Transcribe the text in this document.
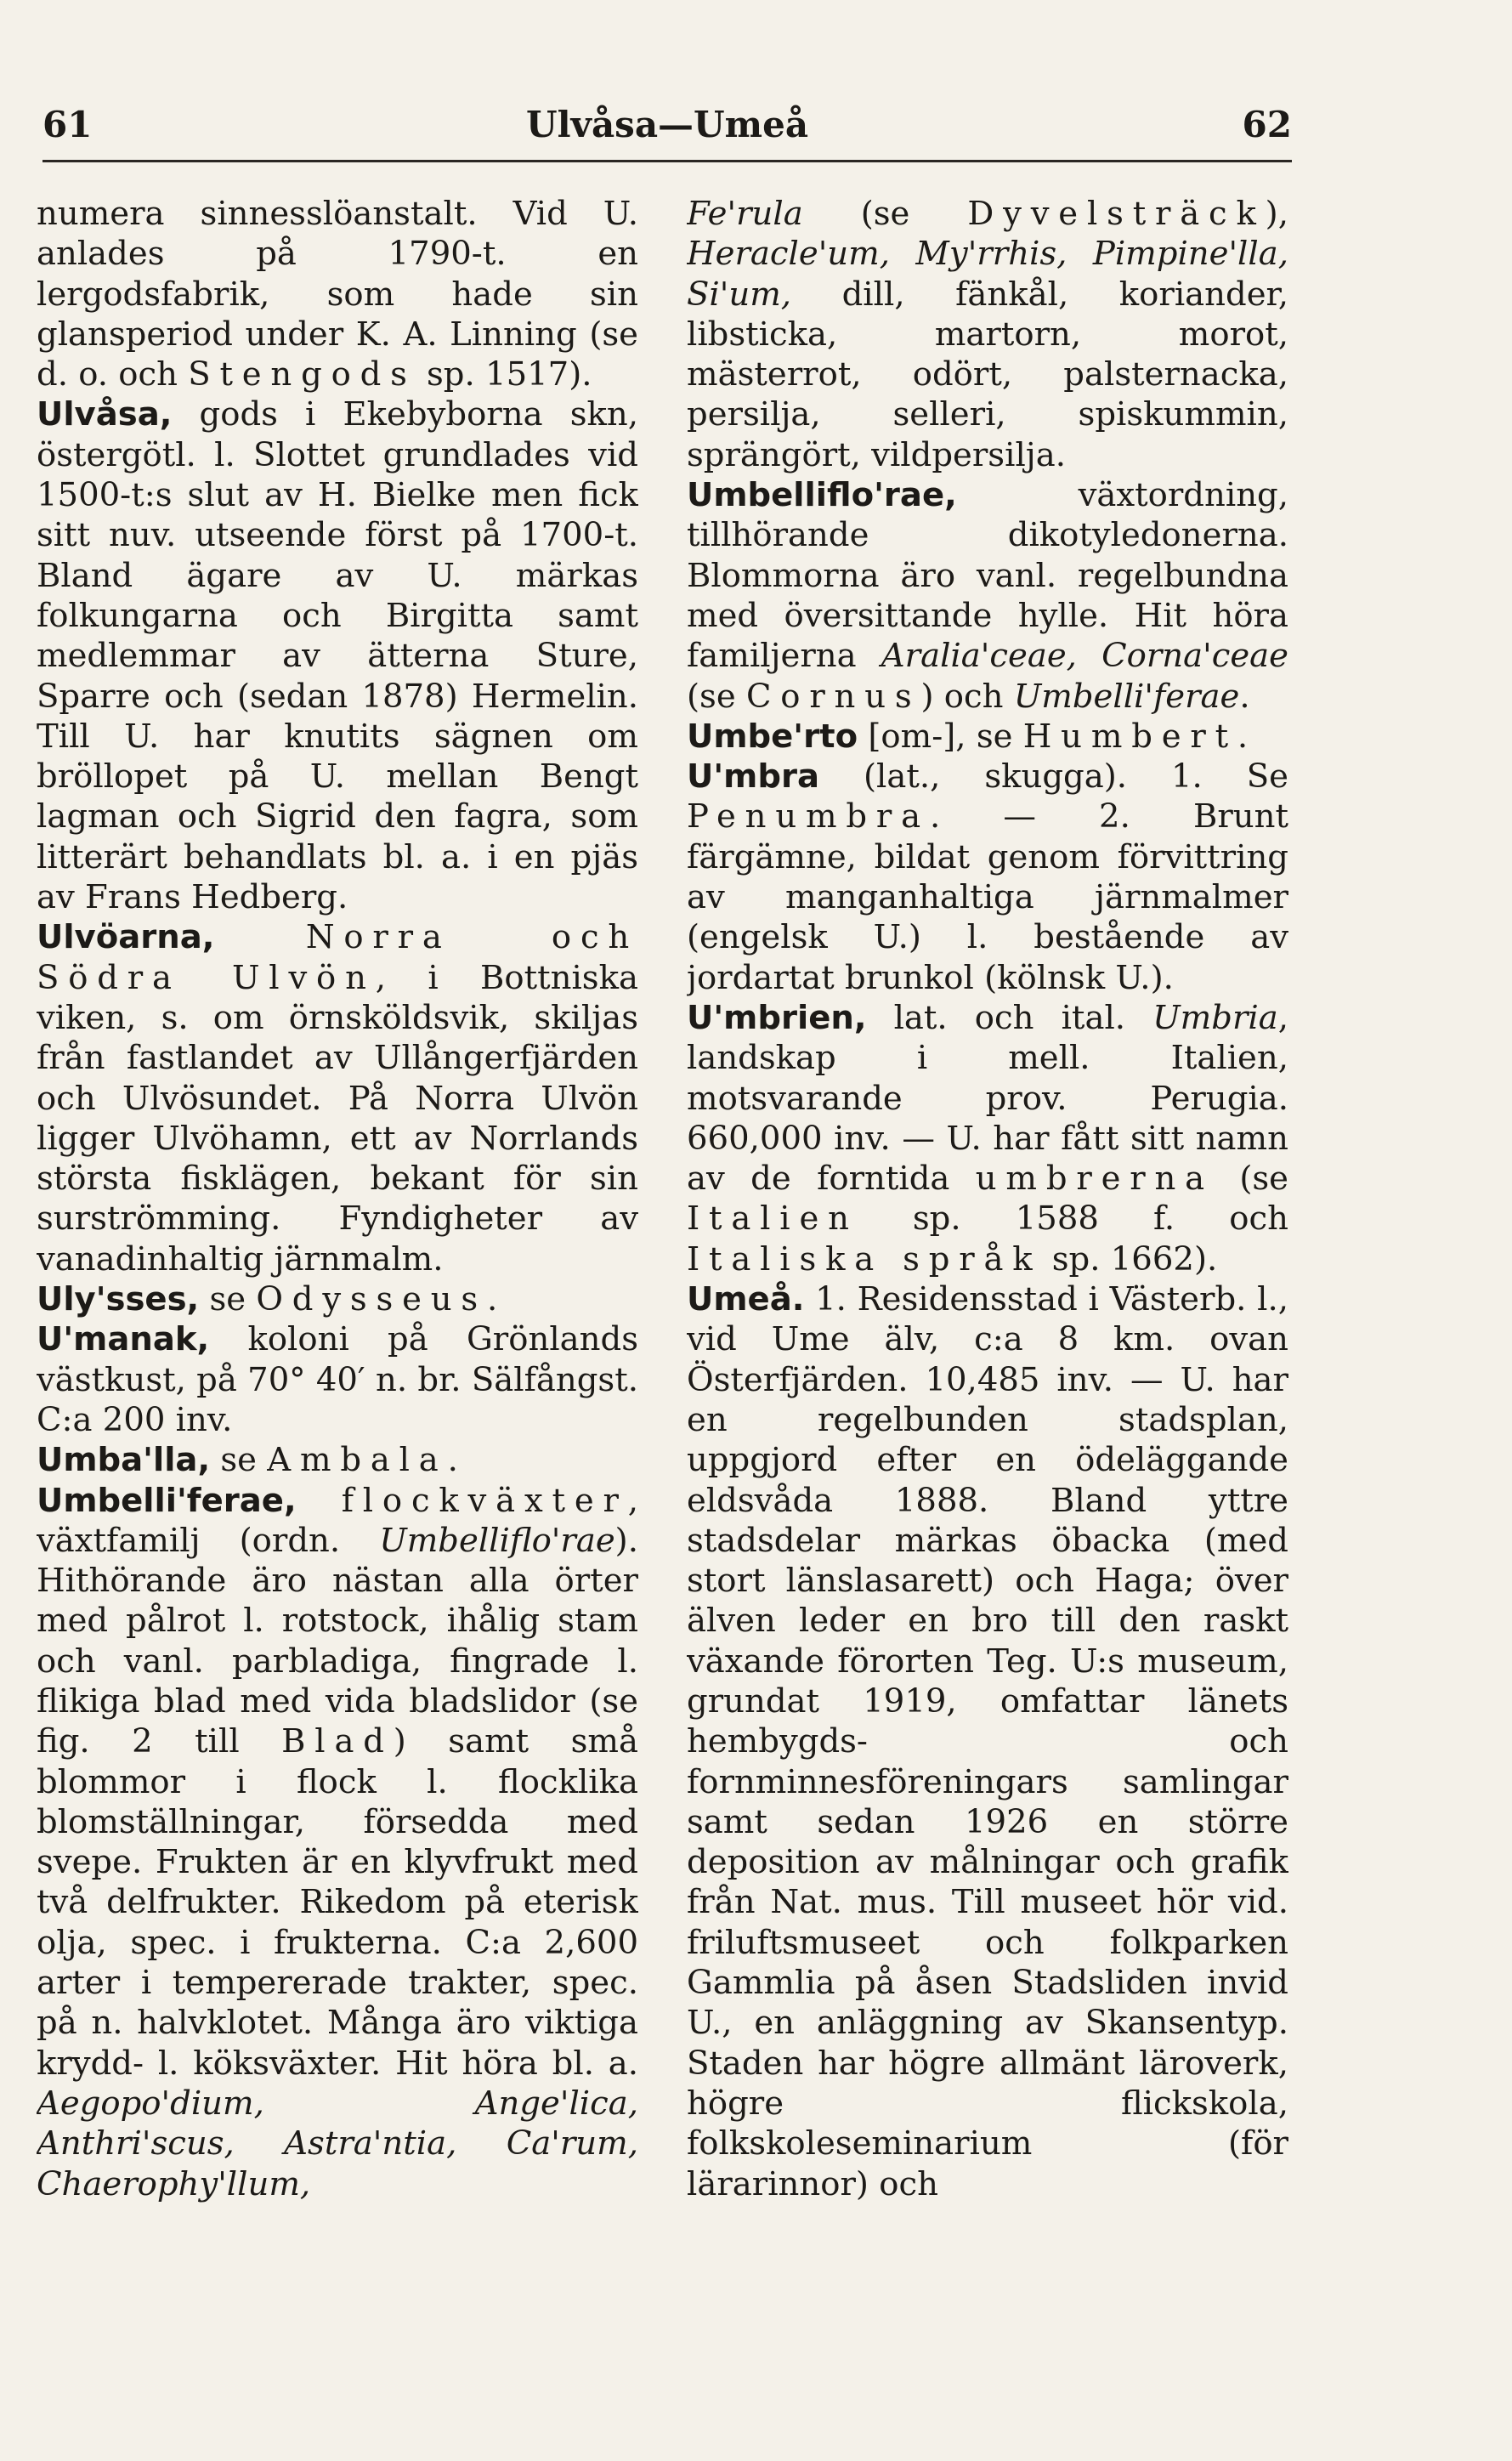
61	Ulvåsa—Umeå	62

numera sinnesslöanstalt. Vid U. anlades på 1790-t. en lergodsfabrik, som hade sin glansperiod under K. A. Linning (se d. o. och Stengods sp. 1517).

Ulvåsa, gods i Ekebyborna skn, östergötl. l. Slottet grundlades vid 1500-t:s slut av H. Bielke men fick sitt nuv. utseende först på 1700-t. Bland ägare av U. märkas folkungarna och Birgitta samt medlemmar av ätterna Sture, Sparre och (sedan 1878) Hermelin. Till U. har knutits sägnen om bröllopet på U. mellan Bengt lagman och Sigrid den fagra, som litterärt behandlats bl. a. i en pjäs av Frans Hedberg.

Ulvöarna,	Norra och Södra Ulvön, i Bottniska viken, s. om örnsköldsvik, skiljas från fastlandet av Ullångerfjärden och Ulvösundet. På Norra Ulvön ligger Ulvöhamn, ett av Norrlands största fisklägen, bekant för sin surströmming. Fyndigheter av vanadinhaltig järnmalm.

Uly'sses, se Odysseus.

U'manak, koloni på Grönlands västkust, på 70° 40′ n. br. Sälfångst. C:a 200 inv.

Umba'lla, se Ambala.

Umbelli'ferae, flockväxter, växtfamilj (ordn. Umbelliflo'rae). Hithörande äro nästan alla örter med pålrot l. rotstock, ihålig stam och vanl. parbladiga, fingrade l. flikiga blad med vida bladslidor (se fig. 2 till Blad) samt små blommor i flock l. flocklika blomställningar, försedda med svepe. Frukten är en klyvfrukt med två delfrukter. Rikedom på eterisk olja, spec. i frukterna. C:a 2,600 arter i tempererade trakter, spec. på n. halvklotet. Många äro viktiga krydd- l. köksväxter. Hit höra bl. a. Aegopo'dium, Ange'lica, Anthri'scus, Astra'ntia, Ca'rum, Chaerophy'llum,

Fe'rula (se Dyvelsträck), Heracle'um, My'rrhis, Pimpine'lla, Si'um, dill, fänkål, koriander, libsticka, martorn, morot, mästerrot, odört, palsternacka, persilja, selleri, spiskummin, sprängört, vildpersilja.

Umbelliflo'rae, växtordning, tillhörande dikotyledonerna. Blommorna äro vanl. regelbundna med översittande hylle. Hit höra familjerna Aralia'ceae, Corna'ceae (se Cornus) och Umbelli'ferae.

Umbe'rto [om-], se Humbert.

U'mbra (lat., skugga). 1. Se Penumbra. — 2. Brunt färgämne, bildat genom förvittring av manganhaltiga järnmalmer (engelsk U.) l. bestående av jordartat brunkol (kölnsk U.).

U'mbrien, lat. och ital. Umbria, landskap i mell. Italien, motsvarande prov. Perugia. 660,000 inv. — U. har fått sitt namn av de forntida umbrerna (se Italien sp. 1588 f. och Italiska språk sp. 1662).

Umeå. 1. Residensstad i Västerb. l., vid Ume älv, c:a 8 km. ovan Österfjärden. 10,485 inv. — U. har en regelbunden stadsplan, uppgjord efter en ödeläggande eldsvåda 1888. Bland yttre stadsdelar märkas öbacka (med stort länslasarett) och Haga; över älven leder en bro till den raskt växande förorten Teg. U:s museum, grundat 1919, omfattar länets hembygds- och fornminnesföreningars samlingar samt sedan 1926 en större deposition av målningar och grafik från Nat. mus. Till museet hör vid. friluftsmuseet och folkparken Gammlia på åsen Stadsliden invid U., en anläggning av Skansentyp. Staden har högre allmänt läroverk, högre flickskola, folkskoleseminarium (för lärarinnor) och
